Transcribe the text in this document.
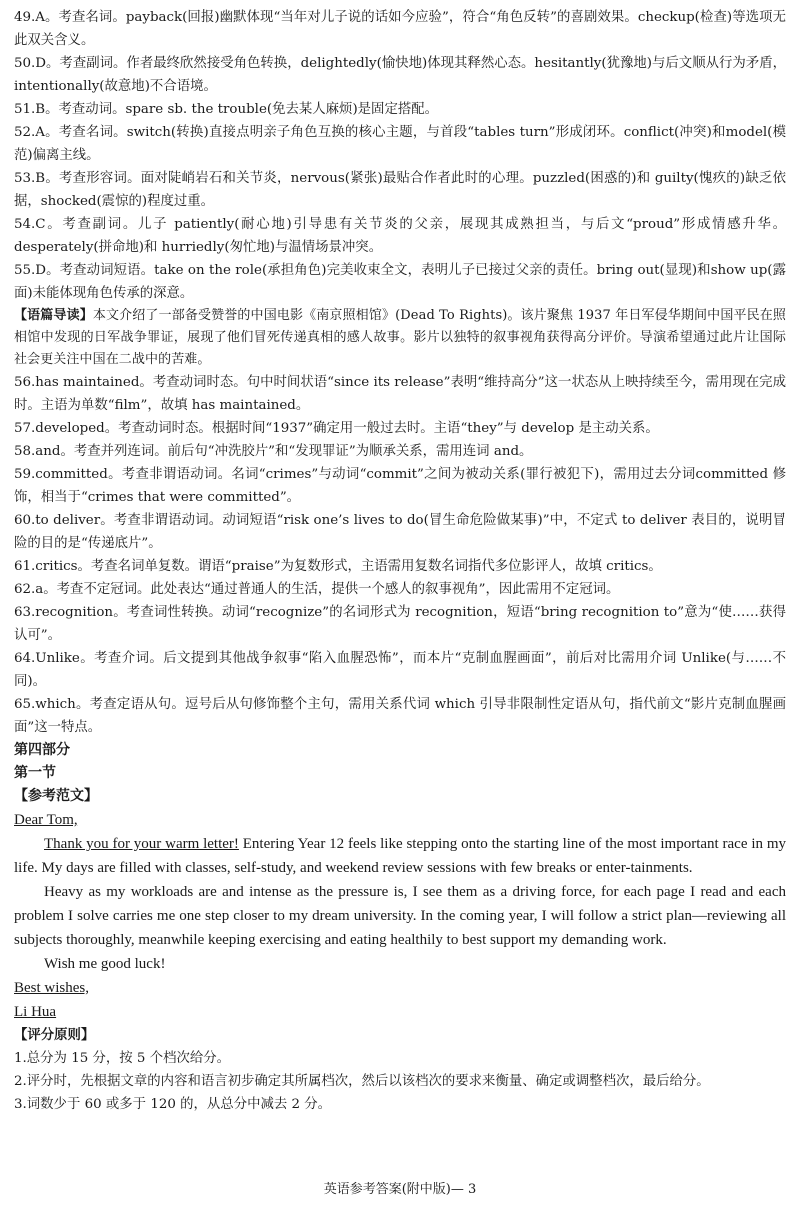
49.A。考查名词。payback(回报)幽默体现“当年对儿子说的话如今应验”，符合“角色反转”的喜剧效果。checkup(检查)等选项无此双关含义。

50.D。考查副词。作者最终欣然接受角色转换，delightedly(愉快地)体现其释然心态。hesitantly(犹豫地)与后文顺从行为矛盾，intentionally(故意地)不合语境。

51.B。考查动词。spare sb. the trouble(免去某人麻烦)是固定搭配。

52.A。考查名词。switch(转换)直接点明亲子角色互换的核心主题，与首段“tables turn”形成闭环。conflict(冲突)和model(模范)偏离主线。

53.B。考查形容词。面对陡峭岩石和关节炎，nervous(紧张)最贴合作者此时的心理。puzzled(困惑的)和 guilty(愧疚的)缺乏依据，shocked(震惊的)程度过重。

54.C。考查副词。儿子 patiently(耐心地)引导患有关节炎的父亲，展现其成熟担当，与后文“proud”形成情感升华。desperately(拼命地)和 hurriedly(匆忙地)与温情场景冲突。

55.D。考查动词短语。take on the role(承担角色)完美收束全文，表明儿子已接过父亲的责任。bring out(显现)和show up(露面)未能体现角色传承的深意。

【语篇导读】本文介绍了一部备受赞誉的中国电影《南京照相馆》(Dead To Rights)。该片聚焦 1937 年日军侵华期间中国平民在照相馆中发现的日军战争罪证，展现了他们冒死传递真相的感人故事。影片以独特的叙事视角获得高分评价。导演希望通过此片让国际社会更关注中国在二战中的苦难。

56.has maintained。考查动词时态。句中时间状语“since its release”表明“维持高分”这一状态从上映持续至今，需用现在完成时。主语为单数“film”，故填 has maintained。

57.developed。考查动词时态。根据时间“1937”确定用一般过去时。主语“they”与 develop 是主动关系。

58.and。考查并列连词。前后句“冲洗胶片”和“发现罪证”为顺承关系，需用连词 and。

59.committed。考查非谓语动词。名词“crimes”与动词“commit”之间为被动关系(罪行被犯下)，需用过去分词committed 修饰，相当于“crimes that were committed”。

60.to deliver。考查非谓语动词。动词短语“risk one’s lives to do(冒生命危险做某事)”中，不定式 to deliver 表目的，说明冒险的目的是“传递底片”。

61.critics。考查名词单复数。谓语“praise”为复数形式，主语需用复数名词指代多位影评人，故填 critics。

62.a。考查不定冠词。此处表达“通过普通人的生活，提供一个感人的叙事视角”，因此需用不定冠词。

63.recognition。考查词性转换。动词“recognize”的名词形式为 recognition，短语“bring recognition to”意为“使……获得认可”。

64.Unlike。考查介词。后文提到其他战争叙事“陷入血腥恐怖”，而本片“克制血腥画面”，前后对比需用介词 Unlike(与……不同)。

65.which。考查定语从句。逗号后从句修饰整个主句，需用关系代词 which 引导非限制性定语从句，指代前文“影片克制血腥画面”这一特点。

第四部分

第一节

【参考范文】

Dear Tom,

Thank you for your warm letter! Entering Year 12 feels like stepping onto the starting line of the most important race in my life. My days are filled with classes, self-study, and weekend review sessions with few breaks or enter-tainments.

Heavy as my workloads are and intense as the pressure is, I see them as a driving force, for each page I read and each problem I solve carries me one step closer to my dream university. In the coming year, I will follow a strict plan—reviewing all subjects thoroughly, meanwhile keeping exercising and eating healthily to best support my demanding work.

Wish me good luck!

Best wishes,

Li Hua

【评分原则】

1.总分为 15 分，按 5 个档次给分。

2.评分时，先根据文章的内容和语言初步确定其所属档次，然后以该档次的要求来衡量、确定或调整档次，最后给分。

3.词数少于 60 或多于 120 的，从总分中减去 2 分。

英语参考答案(附中版)— 3
